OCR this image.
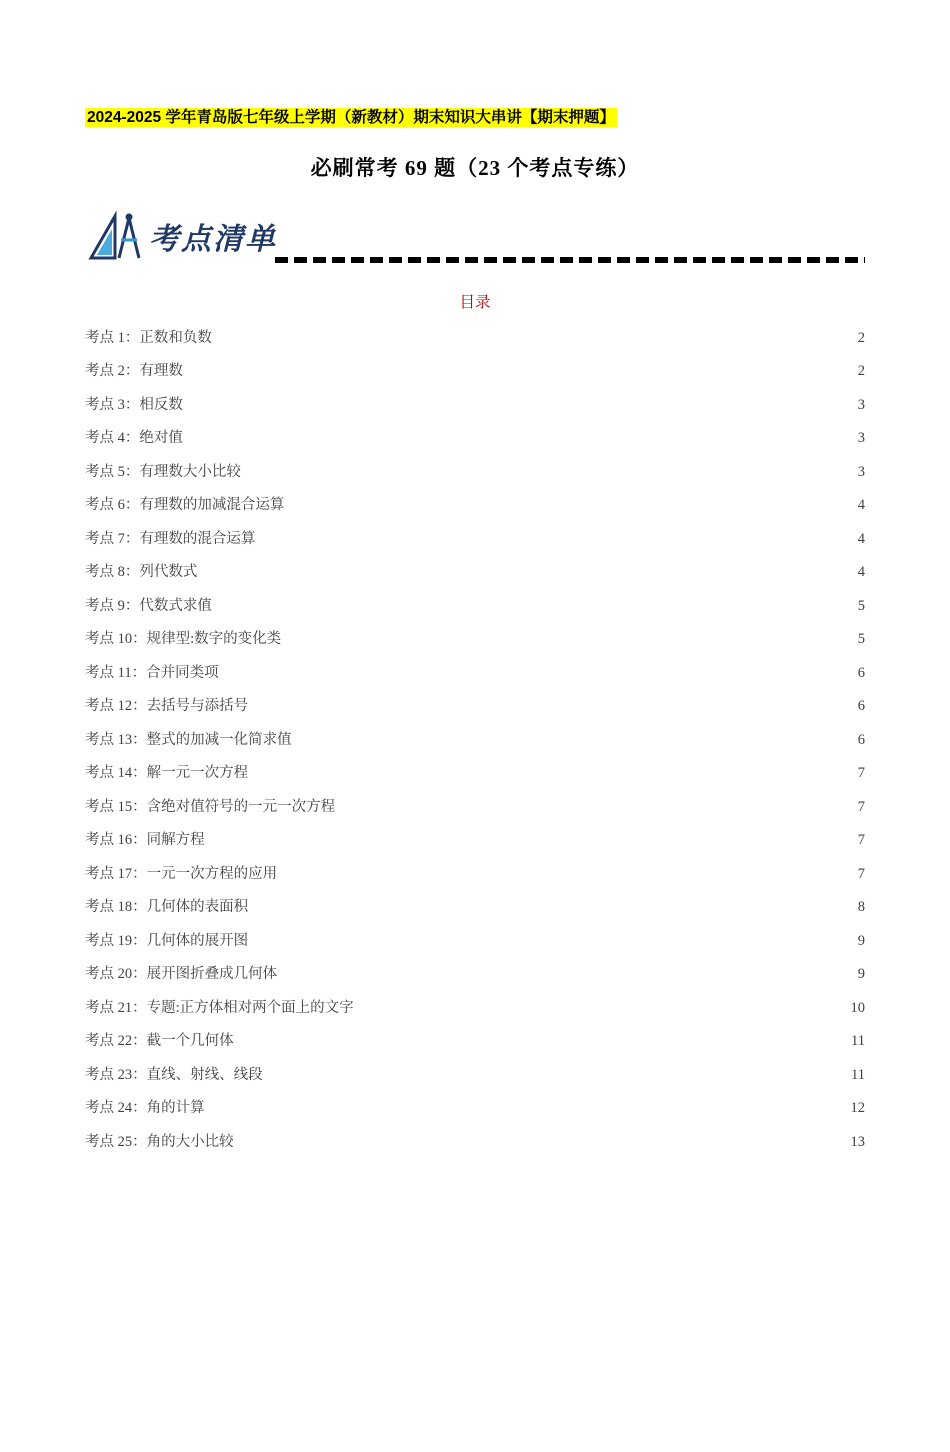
2024-2025 学年青岛版七年级上学期（新教材）期末知识大串讲【期末押题】
必刷常考 69 题（23 个考点专练）
考点清单
目录
考点 1：正数和负数 .....	2
考点 2：有理数 .....	2
考点 3：相反数 .....	3
考点 4：绝对值 .....	3
考点 5：有理数大小比较 .....	3
考点 6：有理数的加减混合运算 .....	4
考点 7：有理数的混合运算 .....	4
考点 8：列代数式 .....	4
考点 9：代数式求值 .....	5
考点 10：规律型:数字的变化类 .....	5
考点 11：合并同类项 .....	6
考点 12：去括号与添括号 .....	6
考点 13：整式的加减一化简求值 .....	6
考点 14：解一元一次方程 .....	7
考点 15：含绝对值符号的一元一次方程 .....	7
考点 16：同解方程 .....	7
考点 17：一元一次方程的应用 .....	7
考点 18：几何体的表面积 .....	8
考点 19：几何体的展开图 .....	9
考点 20：展开图折叠成几何体 .....	9
考点 21：专题:正方体相对两个面上的文字 .....	10
考点 22：截一个几何体 .....	11
考点 23：直线、射线、线段 .....	11
考点 24：角的计算 .....	12
考点 25：角的大小比较 .....	13
